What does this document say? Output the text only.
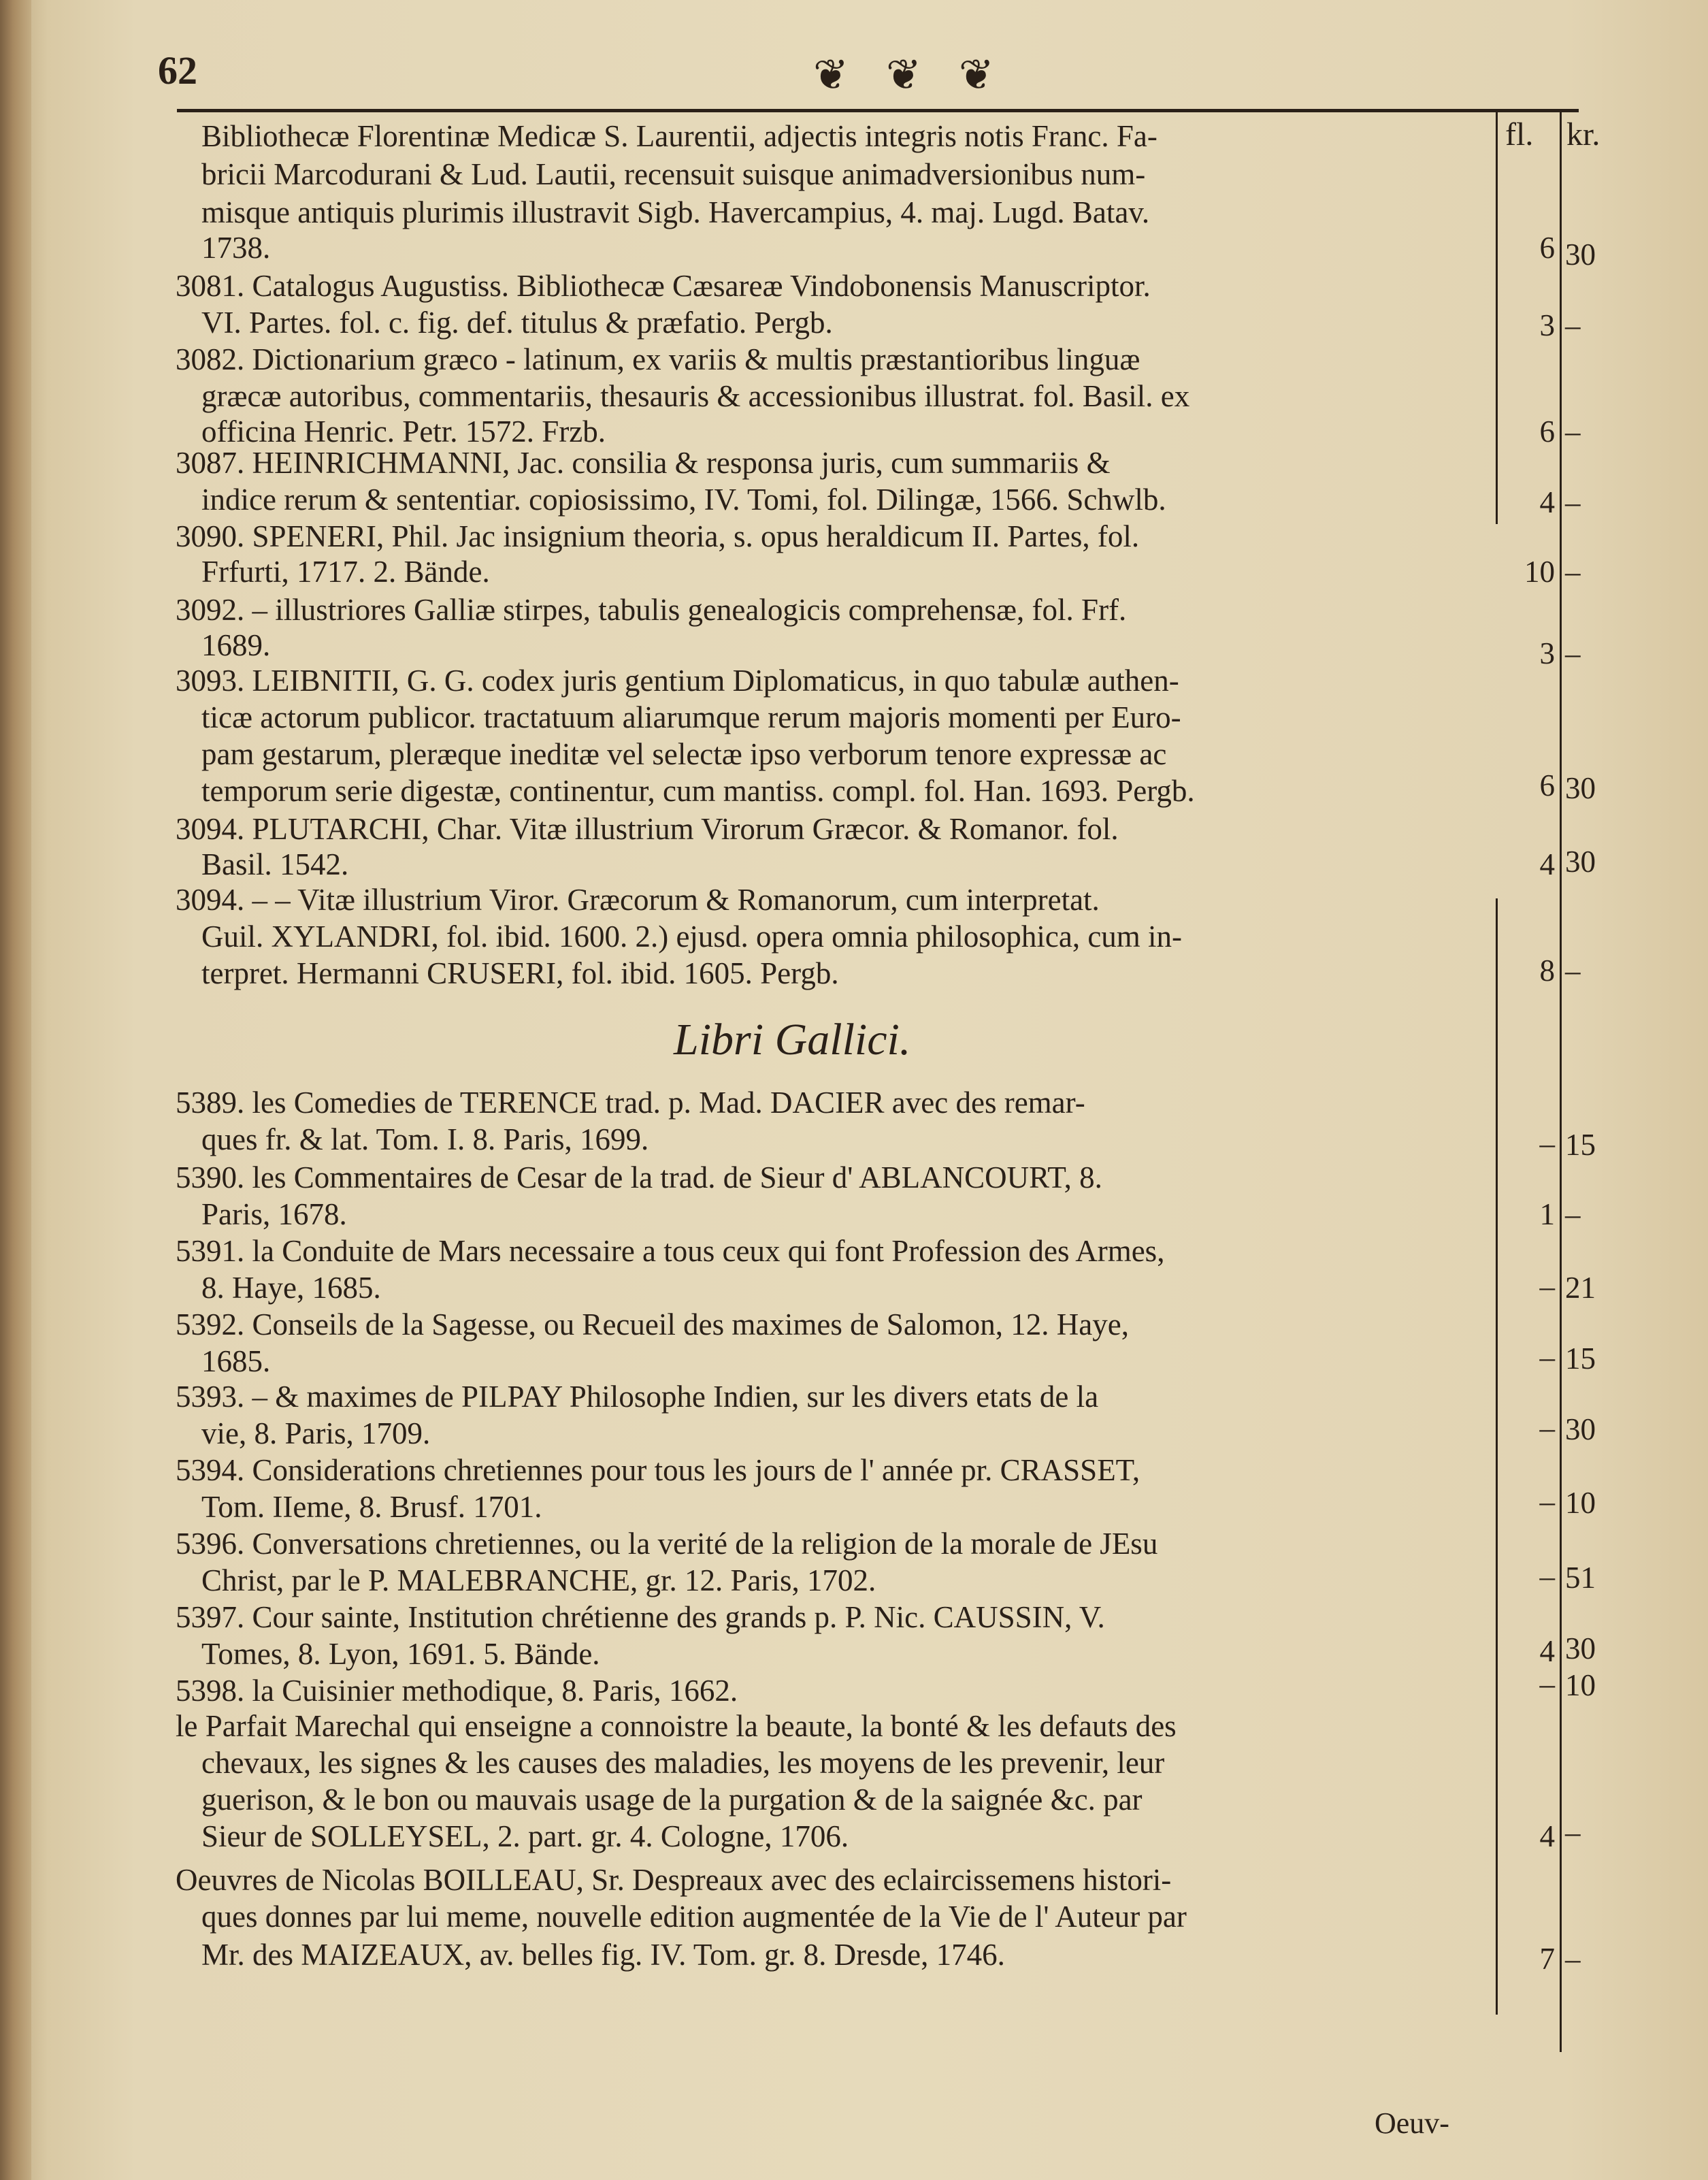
62	❦ ❦ ❦
fl. kr.
Bibliothecæ Florentinæ Medicæ S. Laurentii, adjectis integris notis Franc. Fa-
bricii Marcodurani & Lud. Lautii, recensuit suisque animadversionibus num-
misque antiquis plurimis illustravit Sigb. Havercampius, 4. maj. Lugd. Batav.
1738.
3081. Catalogus Augustiss. Bibliothecæ Cæsareæ Vindobonensis Manuscriptor.
VI. Partes. fol. c. fig. def. titulus & præfatio. Pergb.
3082. Dictionarium græco - latinum, ex variis & multis præstantioribus linguæ
græcæ autoribus, commentariis, thesauris & accessionibus illustrat. fol. Basil. ex
officina Henric. Petr. 1572. Frzb.
3087. HEINRICHMANNI, Jac. consilia & responsa juris, cum summariis &
indice rerum & sententiar. copiosissimo, IV. Tomi, fol. Dilingæ, 1566. Schwlb.
3090. SPENERI, Phil. Jac insignium theoria, s. opus heraldicum II. Partes, fol.
Frfurti, 1717. 2. Bände.
3092. – illustriores Galliæ stirpes, tabulis genealogicis comprehensæ, fol. Frf.
1689.
3093. LEIBNITII, G. G. codex juris gentium Diplomaticus, in quo tabulæ authen-
ticæ actorum publicor. tractatuum aliarumque rerum majoris momenti per Euro-
pam gestarum, pleræque ineditæ vel selectæ ipso verborum tenore expressæ ac
temporum serie digestæ, continentur, cum mantiss. compl. fol. Han. 1693. Pergb.
3094. PLUTARCHI, Char. Vitæ illustrium Virorum Græcor. & Romanor. fol.
Basil. 1542.
3094. – – Vitæ illustrium Viror. Græcorum & Romanorum, cum interpretat.
Guil. XYLANDRI, fol. ibid. 1600. 2.) ejusd. opera omnia philosophica, cum in-
terpret. Hermanni CRUSERI, fol. ibid. 1605. Pergb.
Libri Gallici.
5389. les Comedies de TERENCE trad. p. Mad. DACIER avec des remar-
ques fr. & lat. Tom. I. 8. Paris, 1699.
5390. les Commentaires de Cesar de la trad. de Sieur d' ABLANCOURT, 8.
Paris, 1678.
5391. la Conduite de Mars necessaire a tous ceux qui font Profession des Armes,
8. Haye, 1685.
5392. Conseils de la Sagesse, ou Recueil des maximes de Salomon, 12. Haye,
1685.
5393. – & maximes de PILPAY Philosophe Indien, sur les divers etats de la
vie, 8. Paris, 1709.
5394. Considerations chretiennes pour tous les jours de l' année pr. CRASSET,
Tom. IIeme, 8. Brusf. 1701.
5396. Conversations chretiennes, ou la verité de la religion de la morale de JEsu
Christ, par le P. MALEBRANCHE, gr. 12. Paris, 1702.
5397. Cour sainte, Institution chrétienne des grands p. P. Nic. CAUSSIN, V.
Tomes, 8. Lyon, 1691. 5. Bände.
5398. la Cuisinier methodique, 8. Paris, 1662.
le Parfait Marechal qui enseigne a connoistre la beaute, la bonté & les defauts des
chevaux, les signes & les causes des maladies, les moyens de les prevenir, leur
guerison, & le bon ou mauvais usage de la purgation & de la saignée &c. par
Sieur de SOLLEYSEL, 2. part. gr. 4. Cologne, 1706.
Oeuvres de Nicolas BOILLEAU, Sr. Despreaux avec des eclaircissemens histori-
ques donnes par lui meme, nouvelle edition augmentée de la Vie de l' Auteur par
Mr. des MAIZEAUX, av. belles fig. IV. Tom. gr. 8. Dresde, 1746.
6 30
3 –
6 –
4 –
10 –
3 –
6 30
4 30
8 –
– 15
1 –
– 21
– 15
– 30
– 10
– 51
4 30
– 10
4 –
7 –
Oeuv-
